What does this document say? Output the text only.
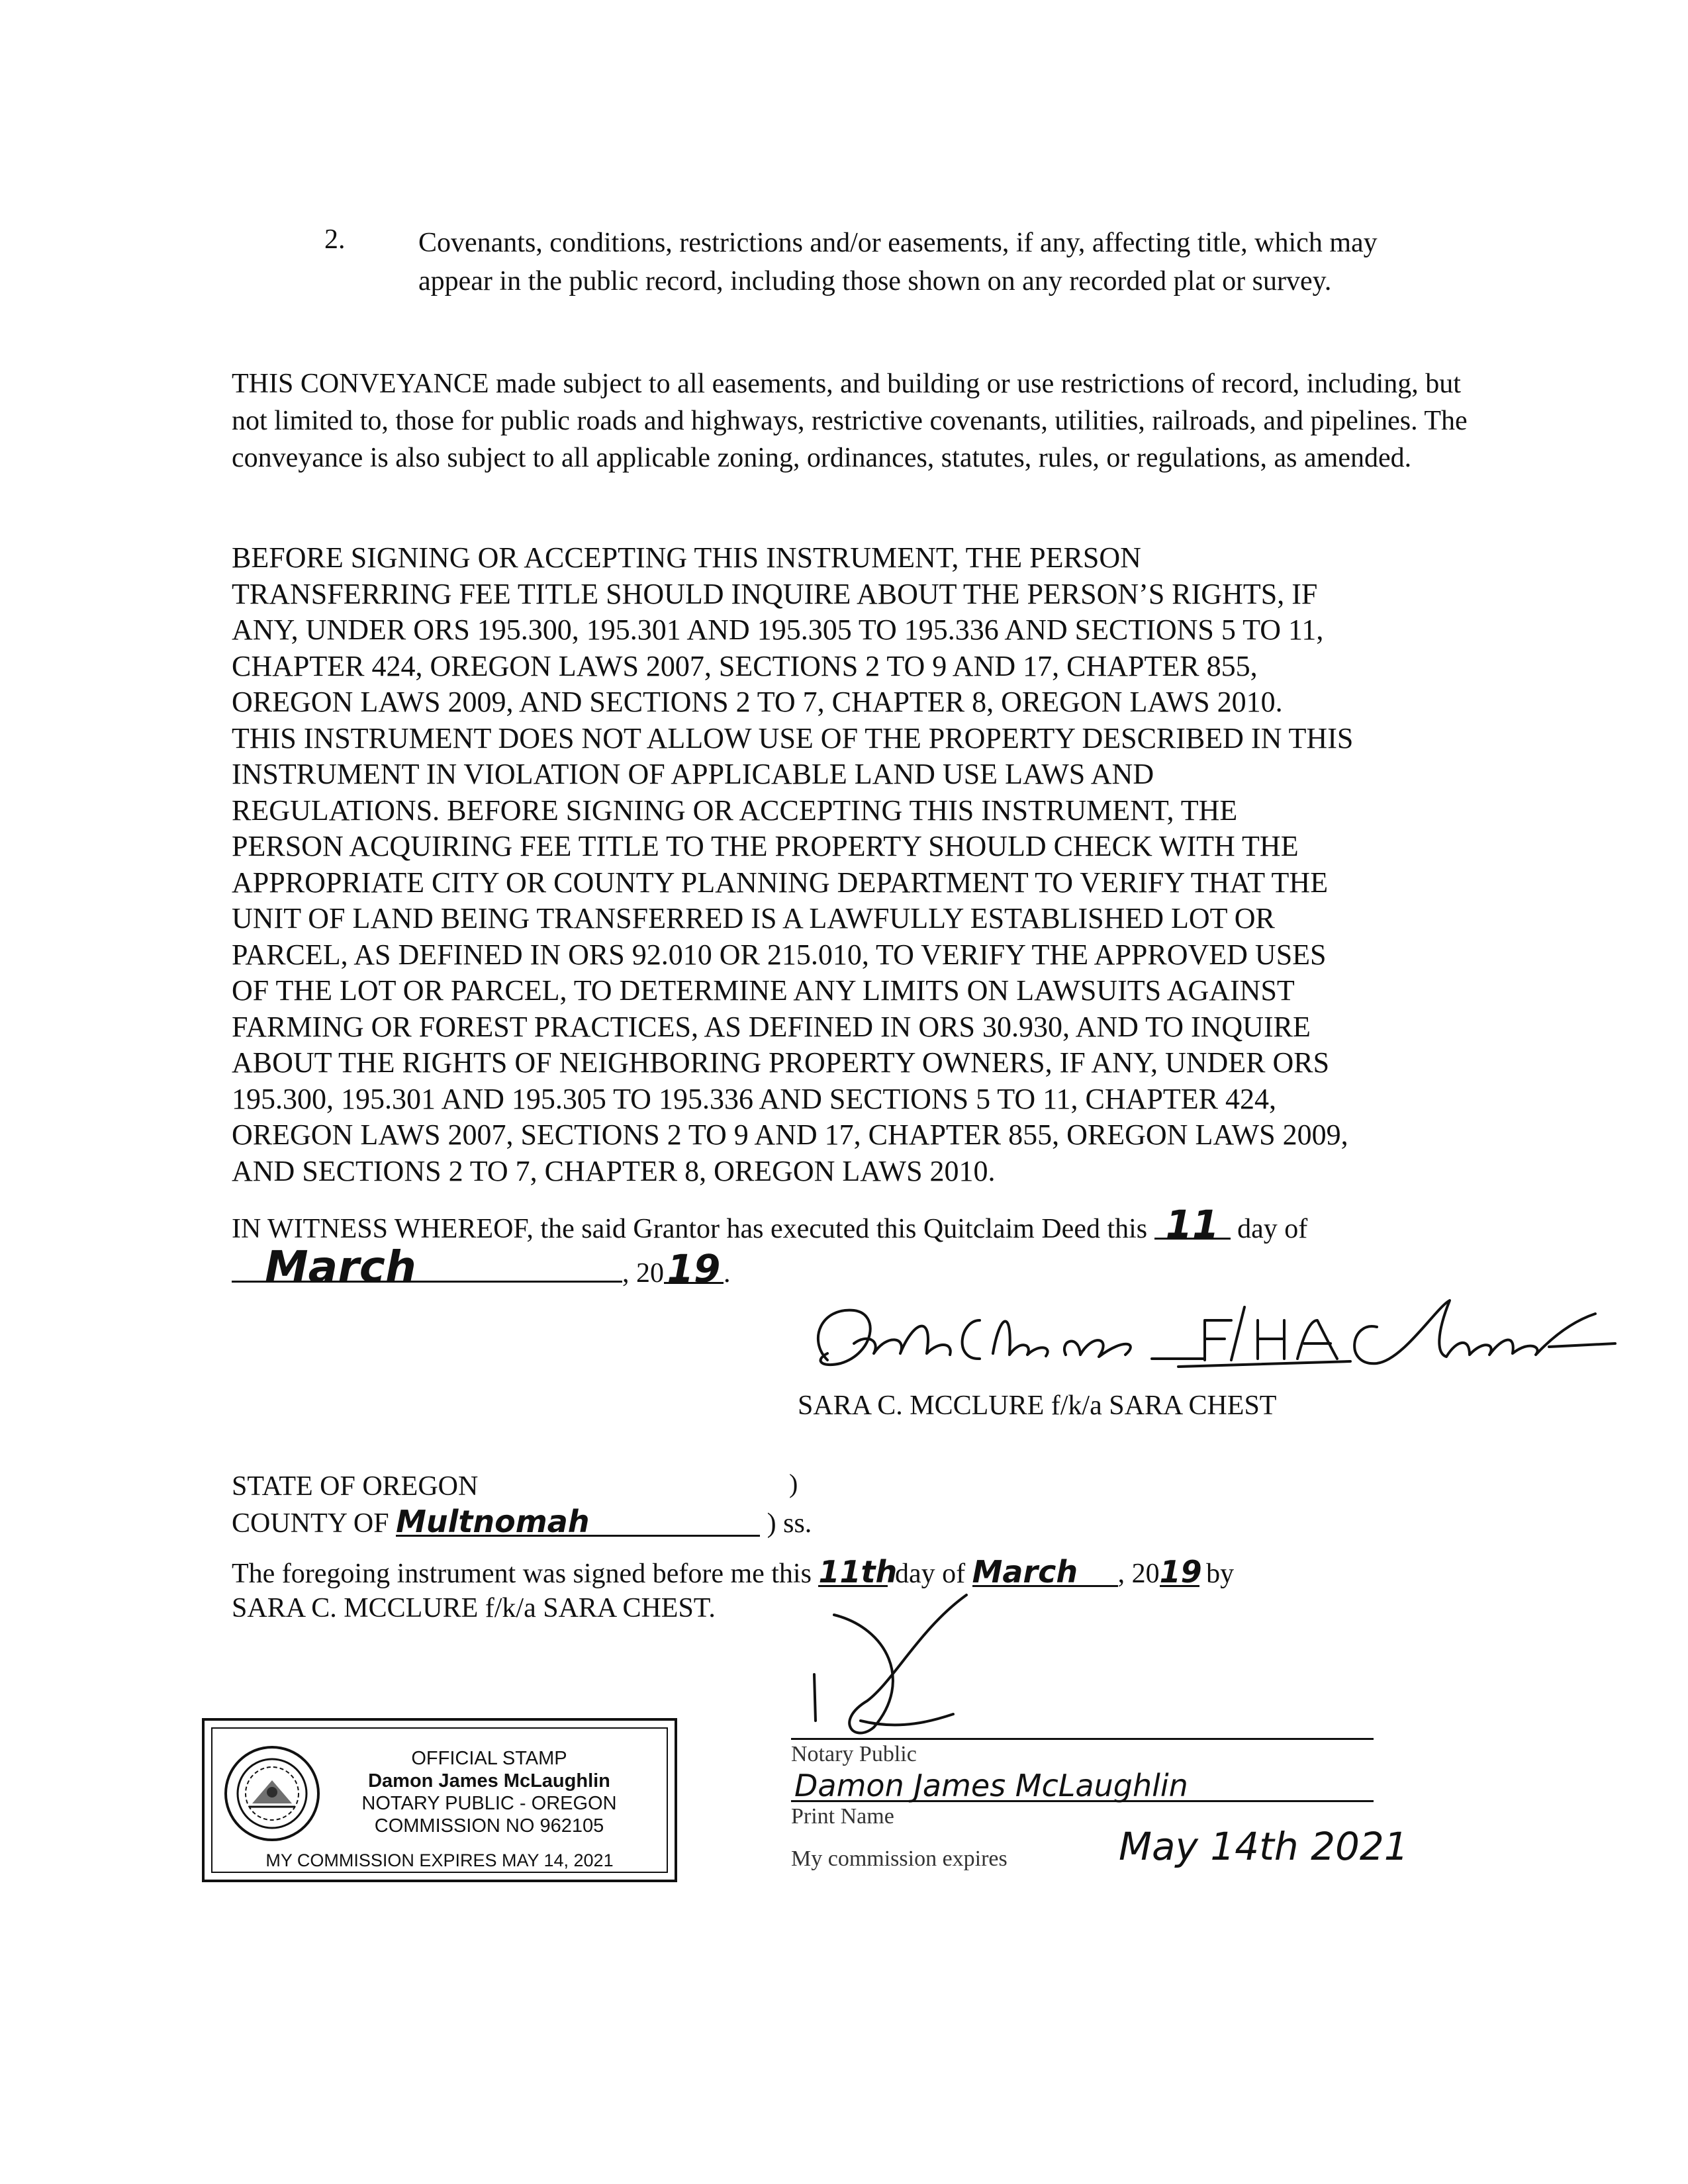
2.	Covenants, conditions, restrictions and/or easements, if any, affecting title, which may appear in the public record, including those shown on any recorded plat or survey.
THIS CONVEYANCE made subject to all easements, and building or use restrictions of record, including, but not limited to, those for public roads and highways, restrictive covenants, utilities, railroads, and pipelines. The conveyance is also subject to all applicable zoning, ordinances, statutes, rules, or regulations, as amended.
BEFORE SIGNING OR ACCEPTING THIS INSTRUMENT, THE PERSON
TRANSFERRING FEE TITLE SHOULD INQUIRE ABOUT THE PERSON’S RIGHTS, IF
ANY, UNDER ORS 195.300, 195.301 AND 195.305 TO 195.336 AND SECTIONS 5 TO 11,
CHAPTER 424, OREGON LAWS 2007, SECTIONS 2 TO 9 AND 17, CHAPTER 855,
OREGON LAWS 2009, AND SECTIONS 2 TO 7, CHAPTER 8, OREGON LAWS 2010.
THIS INSTRUMENT DOES NOT ALLOW USE OF THE PROPERTY DESCRIBED IN THIS
INSTRUMENT IN VIOLATION OF APPLICABLE LAND USE LAWS AND
REGULATIONS. BEFORE SIGNING OR ACCEPTING THIS INSTRUMENT, THE
PERSON ACQUIRING FEE TITLE TO THE PROPERTY SHOULD CHECK WITH THE
APPROPRIATE CITY OR COUNTY PLANNING DEPARTMENT TO VERIFY THAT THE
UNIT OF LAND BEING TRANSFERRED IS A LAWFULLY ESTABLISHED LOT OR
PARCEL, AS DEFINED IN ORS 92.010 OR 215.010, TO VERIFY THE APPROVED USES
OF THE LOT OR PARCEL, TO DETERMINE ANY LIMITS ON LAWSUITS AGAINST
FARMING OR FOREST PRACTICES, AS DEFINED IN ORS 30.930, AND TO INQUIRE
ABOUT THE RIGHTS OF NEIGHBORING PROPERTY OWNERS, IF ANY, UNDER ORS
195.300, 195.301 AND 195.305 TO 195.336 AND SECTIONS 5 TO 11, CHAPTER 424,
OREGON LAWS 2007, SECTIONS 2 TO 9 AND 17, CHAPTER 855, OREGON LAWS 2009,
AND SECTIONS 2 TO 7, CHAPTER 8, OREGON LAWS 2010.
IN WITNESS WHEREOF, the said Grantor has executed this Quitclaim Deed this 11 day of
March	, 2019 .
SARA C. MCCLURE f/k/a SARA CHEST
STATE OF OREGON
COUNTY OF Multnomah	) ss.
)
The foregoing instrument was signed before me this 11th day of March , 2019 by
SARA C. MCCLURE f/k/a SARA CHEST.
Notary Public
Damon James McLaughlin
Print Name
My commission expires	May 14th 2021
OFFICIAL STAMP
Damon James McLaughlin
NOTARY PUBLIC - OREGON
COMMISSION NO 962105
MY COMMISSION EXPIRES MAY 14, 2021
